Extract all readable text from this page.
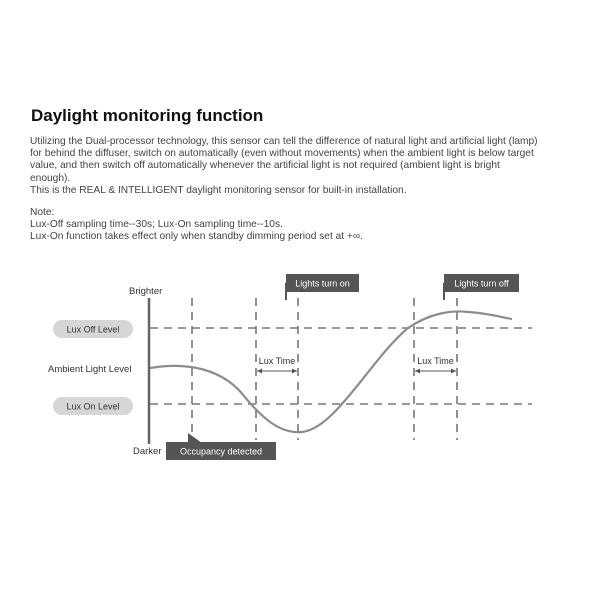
Daylight monitoring function

Utilizing the Dual-processor technology, this sensor can tell the difference of natural light and artificial light (lamp)

for behind the diffuser, switch on automatically (even without movements) when the ambient light is below target

value, and then switch off automatically whenever the artificial light is not required (ambient light is bright

enough).

This is the REAL & INTELLIGENT daylight monitoring sensor for built-in installation.

Note:

Lux-Off sampling time--30s; Lux-On sampling time--10s.

Lux-On function takes effect only when standby dimming period set at +∞.

Brighter
Darker
Ambient Light Level
Lux Off Level
Lux On Level
Lux Time	Lux Time
Lights turn on	Lights turn off
Occupancy detected
